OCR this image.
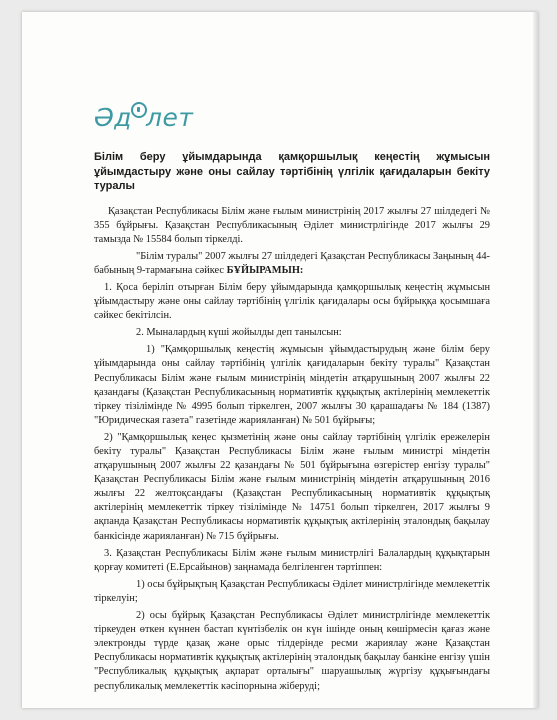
Әд лет
Білім беру ұйымдарында қамқоршылық кеңестің жұмысын ұйымдастыру және оны сайлау тәртібінің үлгілік қағидаларын бекіту туралы
Қазақстан Республикасы Білім және ғылым министрінің 2017 жылғы 27 шілдедегі № 355 бұйрығы. Қазақстан Республикасының Әділет министрлігінде 2017 жылғы 29 тамызда № 15584 болып тіркелді.
"Білім туралы" 2007 жылғы 27 шілдедегі Қазақстан Республикасы Заңының 44-бабының 9-тармағына сәйкес БҰЙЫРАМЫН:
1. Қоса беріліп отырған Білім беру ұйымдарында қамқоршылық кеңестің жұмысын ұйымдастыру және оны сайлау тәртібінің үлгілік қағидалары осы бұйрыққа қосымшаға сәйкес бекітілсін.
2. Мыналардың күші жойылды деп танылсын:
1) "Қамқоршылық кеңестің жұмысын ұйымдастырудың және білім беру ұйымдарында оны сайлау тәртібінің үлгілік қағидаларын бекіту туралы" Қазақстан Республикасы Білім және ғылым министрінің міндетін атқарушының 2007 жылғы 22 қазандағы (Қазақстан Республикасының нормативтік құқықтық актілерінің мемлекеттік тіркеу тізілімінде № 4995 болып тіркелген, 2007 жылғы 30 қарашадағы № 184 (1387) "Юридическая газета" газетінде жарияланған) № 501 бұйрығы;
2) "Қамқоршылық кеңес қызметінің және оны сайлау тәртібінің үлгілік ережелерін бекіту туралы" Қазақстан Республикасы Білім және ғылым министрі міндетін атқарушының 2007 жылғы 22 қазандағы № 501 бұйрығына өзгерістер енгізу туралы" Қазақстан Республикасы Білім және ғылым министрінің міндетін атқарушының 2016 жылғы 22 желтоқсандағы (Қазақстан Республикасының нормативтік құқықтық актілерінің мемлекеттік тіркеу тізілімінде № 14751 болып тіркелген, 2017 жылғы 9 ақпанда Қазақстан Республикасы нормативтік құқықтық актілерінің эталондық бақылау банкісінде жарияланған) № 715 бұйрығы.
3. Қазақстан Республикасы Білім және ғылым министрлігі Балалардың құқықтарын қорғау комитеті (Е.Ерсайынов) заңнамада белгіленген тәртіппен:
1) осы бұйрықтың Қазақстан Республикасы Әділет министрлігінде мемлекеттік тіркелуін;
2) осы бұйрық Қазақстан Республикасы Әділет министрлігінде мемлекеттік тіркеуден өткен күннен бастап күнтізбелік он күн ішінде оның көшірмесін қағаз және электронды түрде қазақ және орыс тілдерінде ресми жариялау және Қазақстан Республикасы нормативтік құқықтық актілерінің эталондық бақылау банкіне енгізу үшін "Республикалық құқықтық ақпарат орталығы" шаруашылық жүргізу құқығындағы республикалық мемлекеттік кәсіпорнына жіберуді;
